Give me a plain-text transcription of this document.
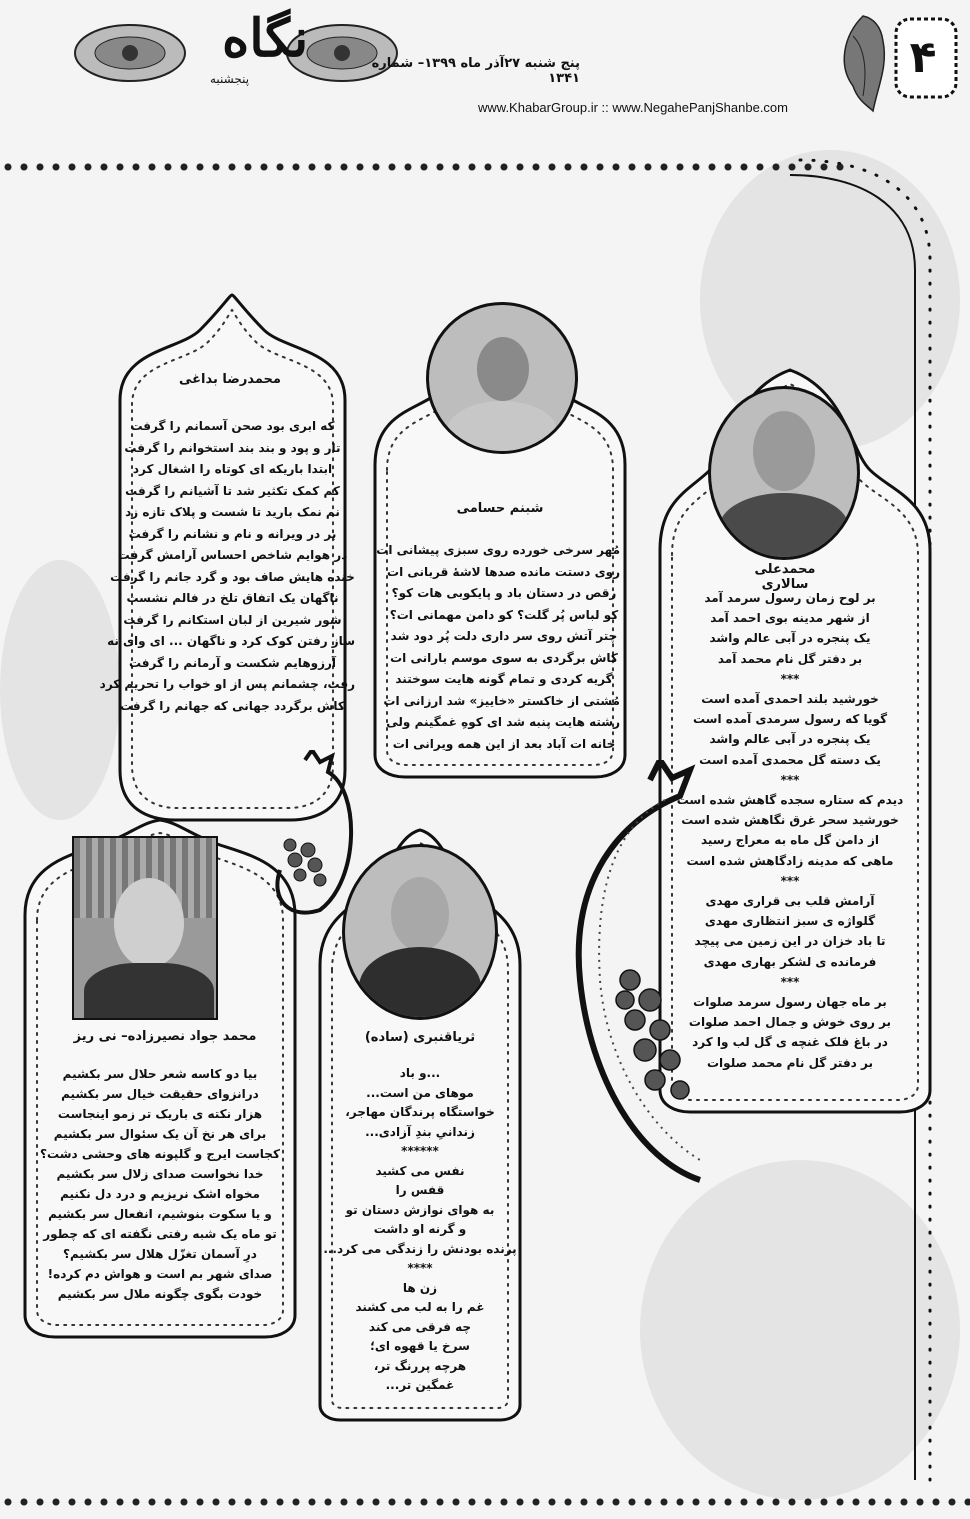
نگاه
پنجشنبه
پنج شنبه ۲۷آذر ماه ۱۳۹۹– شماره ۱۳۴۱
www.KhabarGroup.ir :: www.NegahePanjShanbe.com
۴
محمدرضا بداغی
که ابری بود صحن آسمانم را گرفت
تار و پود و بند بند استخوانم را گرفت
ابتدا باریکه ای کوتاه را اشغال کرد
کم کمک تکثیر شد تا آشیانم را گرفت
نم نمک بارید تا شست و پلاک تازه زد
بر در ویرانه و نام و نشانم را گرفت
در هوایم شاخص احساس آرامش گرفت
خنده هایش صاف بود و گرد جانم را گرفت
ناگهان یک اتفاق تلخ در فالم نشست
شور شیرین از لبان استکانم را گرفت
ساز رفتن کوک کرد و ناگهان ... ای وای نه
آرزوهایم شکست و آرمانم را گرفت
رفت، چشمانم پس از او خواب را تحریم کرد
کاش برگردد جهانی که جهانم را گرفت
شبنم حسامی
مُهر سرخی خورده روی سبزی پیشانی ات
روی دستت مانده صدها لاشهٔ قربانی ات
رقص در دستان باد و پایکوبی هات کو؟
کو لباس پُر گلت؟ کو دامن مهمانی ات؟
چتر آتش روی سر داری دلت پُر دود شد
کاش برگردی به سوی موسم بارانی ات
گریه کردی و تمام گونه هایت سوختند
مُشتی از خاکستر «خاییز» شد ارزانی ات
رشته هایت پنبه شد ای کوهِ غمگینم ولی
خانه ات آباد بعد از این همه ویرانی ات
محمدعلی سالاری
بر لوح زمان رسول سرمد آمد
از شهر مدینه بوی احمد آمد
یک پنجره در آبی عالم واشد
بر دفتر گل نام محمد آمد
***
خورشید بلند احمدی آمده است
گویا که رسول سرمدی آمده است
یک پنجره در آبی عالم واشد
یک دسته گل محمدی آمده است
***
دیدم که ستاره سجده گاهش شده است
خورشید سحر غرق نگاهش شده است
از دامن گل ماه به معراج رسید
ماهی که مدینه زادگاهش شده است
***
آرامش قلب بی قراری مهدی
گلواژه ی سبز انتظاری مهدی
تا باد خزان در این زمین می پیچد
فرمانده ی لشکر بهاری مهدی
***
بر ماه جهان رسول سرمد صلوات
بر روی خوش و جمال احمد صلوات
در باغ فلک غنچه ی گل لب وا کرد
بر دفتر گل نام محمد صلوات
محمد جواد نصیرزاده– نی ریز
بیا دو کاسه شعر حلال سر بکشیم
درانزوای حقیقت خیال سر بکشیم
هزار نکته ی باریک تر زمو اینجاست
برای هر نخ آن یک سئوال سر بکشیم
کجاست ایرج و گلپونه های وحشی دشت؟
خدا نخواست صدای زلال سر بکشیم
مخواه اشک نریزیم و درد دل نکنیم
و یا سکوت بنوشیم، انفعال سر بکشیم
تو ماه یک شبه رفتی نگفته ای که چطور
درِ آسمان تغزّل هلال سر بکشیم؟
صدای شهر بم است و هواش دم کرده!
خودت بگوی چگونه ملال سر بکشیم
ثریاقنبری (ساده)
...و باد
موهای من است...
خواستگاه پرندگان مهاجر،
زندانیِ بندِ آزادی...
******
نفس می کشید
قفس را
به هوای نوازش دستان تو
و گرنه او داشت
پرنده بودنش را زندگی می کرد...
****
زن ها
غم را به لب می کشند
چه فرقی می کند
سرخ یا قهوه ای؛
هرچه پررنگ تر،
غمگین تر...
